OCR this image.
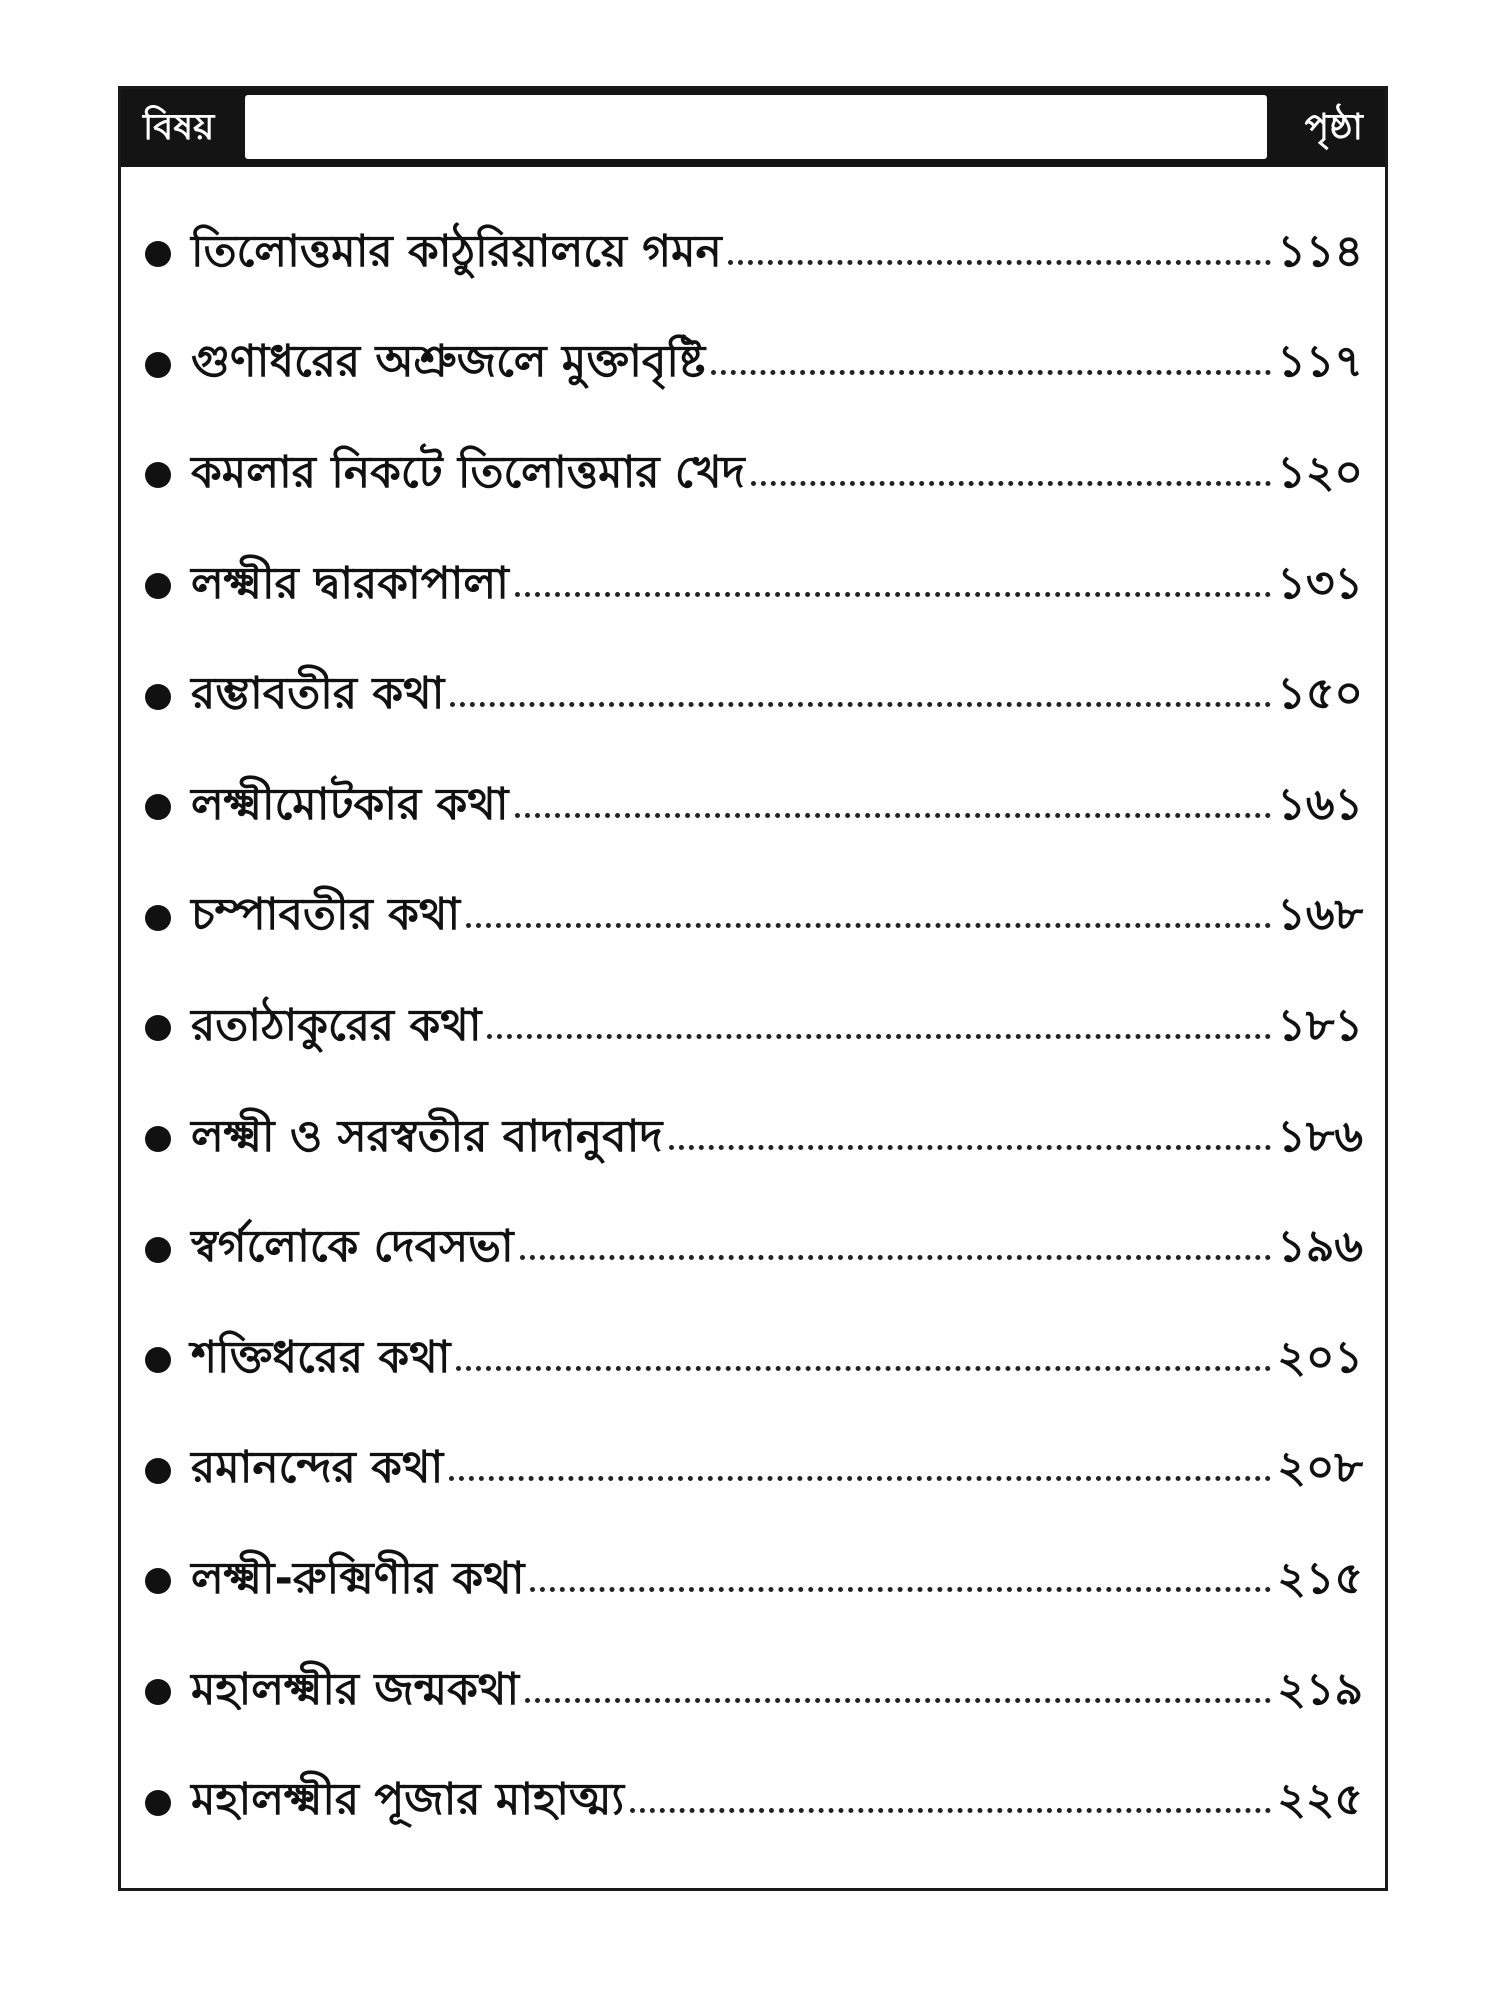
বিষয়	পৃষ্ঠা
তিলোত্তমার কাঠুরিয়ালয়ে গমন	১১৪
গুণাধরের অশ্রুজলে মুক্তাবৃষ্টি	১১৭
কমলার নিকটে তিলোত্তমার খেদ	১২০
লক্ষ্মীর দ্বারকাপালা	১৩১
রম্ভাবতীর কথা	১৫০
লক্ষ্মীমোটকার কথা	১৬১
চম্পাবতীর কথা	১৬৮
রতাঠাকুরের কথা	১৮১
লক্ষ্মী ও সরস্বতীর বাদানুবাদ	১৮৬
স্বর্গলোকে দেবসভা	১৯৬
শক্তিধরের কথা	২০১
রমানন্দের কথা	২০৮
লক্ষ্মী-রুক্মিণীর কথা	২১৫
মহালক্ষ্মীর জন্মকথা	২১৯
মহালক্ষ্মীর পূজার মাহাত্ম্য	২২৫
